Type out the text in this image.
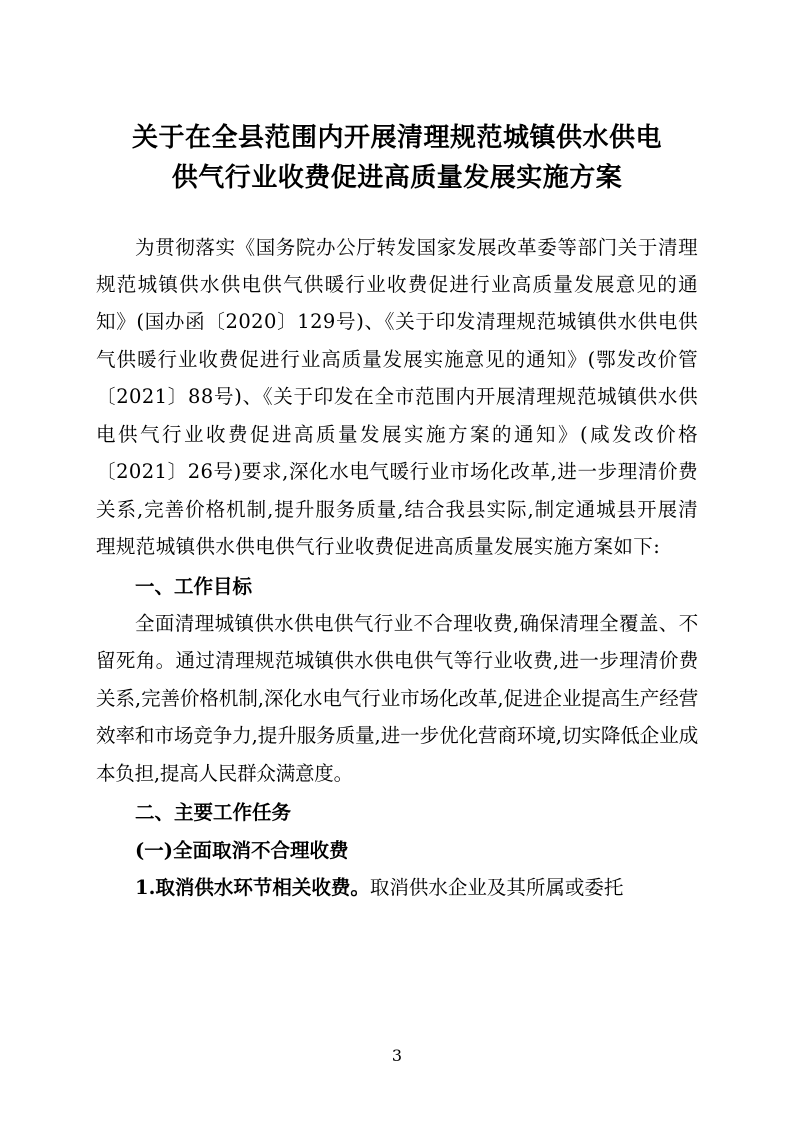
关于在全县范围内开展清理规范城镇供水供电
供气行业收费促进高质量发展实施方案

为贯彻落实《国务院办公厅转发国家发展改革委等部门关于清理规范城镇供水供电供气供暖行业收费促进行业高质量发展意见的通知》(国办函〔2020〕129号)、《关于印发清理规范城镇供水供电供气供暖行业收费促进行业高质量发展实施意见的通知》(鄂发改价管〔2021〕88号)、《关于印发在全市范围内开展清理规范城镇供水供电供气行业收费促进高质量发展实施方案的通知》(咸发改价格〔2021〕26号)要求,深化水电气暖行业市场化改革,进一步理清价费关系,完善价格机制,提升服务质量,结合我县实际,制定通城县开展清理规范城镇供水供电供气行业收费促进高质量发展实施方案如下:

一、工作目标

全面清理城镇供水供电供气行业不合理收费,确保清理全覆盖、不留死角。通过清理规范城镇供水供电供气等行业收费,进一步理清价费关系,完善价格机制,深化水电气行业市场化改革,促进企业提高生产经营效率和市场竞争力,提升服务质量,进一步优化营商环境,切实降低企业成本负担,提高人民群众满意度。

二、主要工作任务

(一)全面取消不合理收费

1.取消供水环节相关收费。取消供水企业及其所属或委托

3
